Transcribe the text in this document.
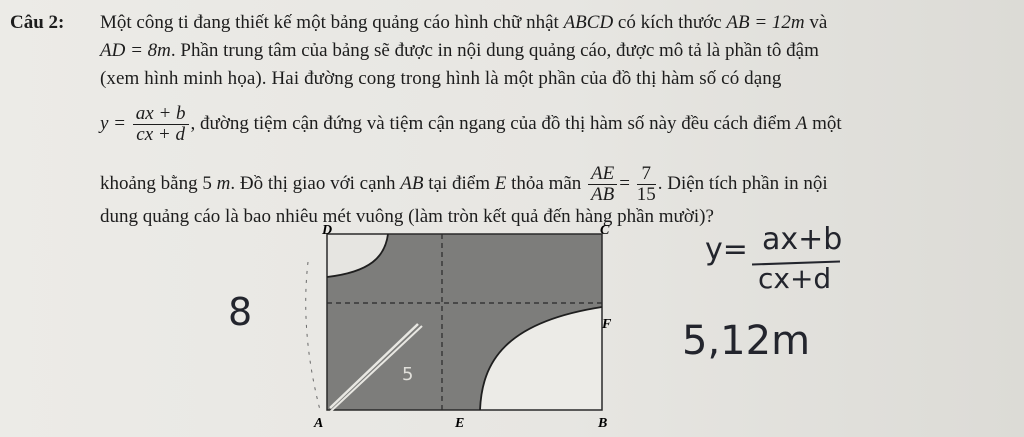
Câu 2: Một công ti đang thiết kế một bảng quảng cáo hình chữ nhật ABCD có kích thước AB = 12m và
AD = 8m. Phần trung tâm của bảng sẽ được in nội dung quảng cáo, được mô tả là phần tô đậm
(xem hình minh họa). Hai đường cong trong hình là một phần của đồ thị hàm số có dạng
$y = \frac{ax + b}{cx + d}$ , đường tiệm cận đứng và tiệm cận ngang của đồ thị hàm số này đều cách điểm A một
khoảng bằng 5 m. Đồ thị giao với cạnh AB tại điểm E thỏa mãn $\frac{AE}{AB} = \frac{7}{15}$ . Diện tích phần in nội
dung quảng cáo là bao nhiêu mét vuông (làm tròn kết quả đến hàng phần mười)?
5
D	C
F
A	E	B
8
y= ax+b
cx+d
5,12m
